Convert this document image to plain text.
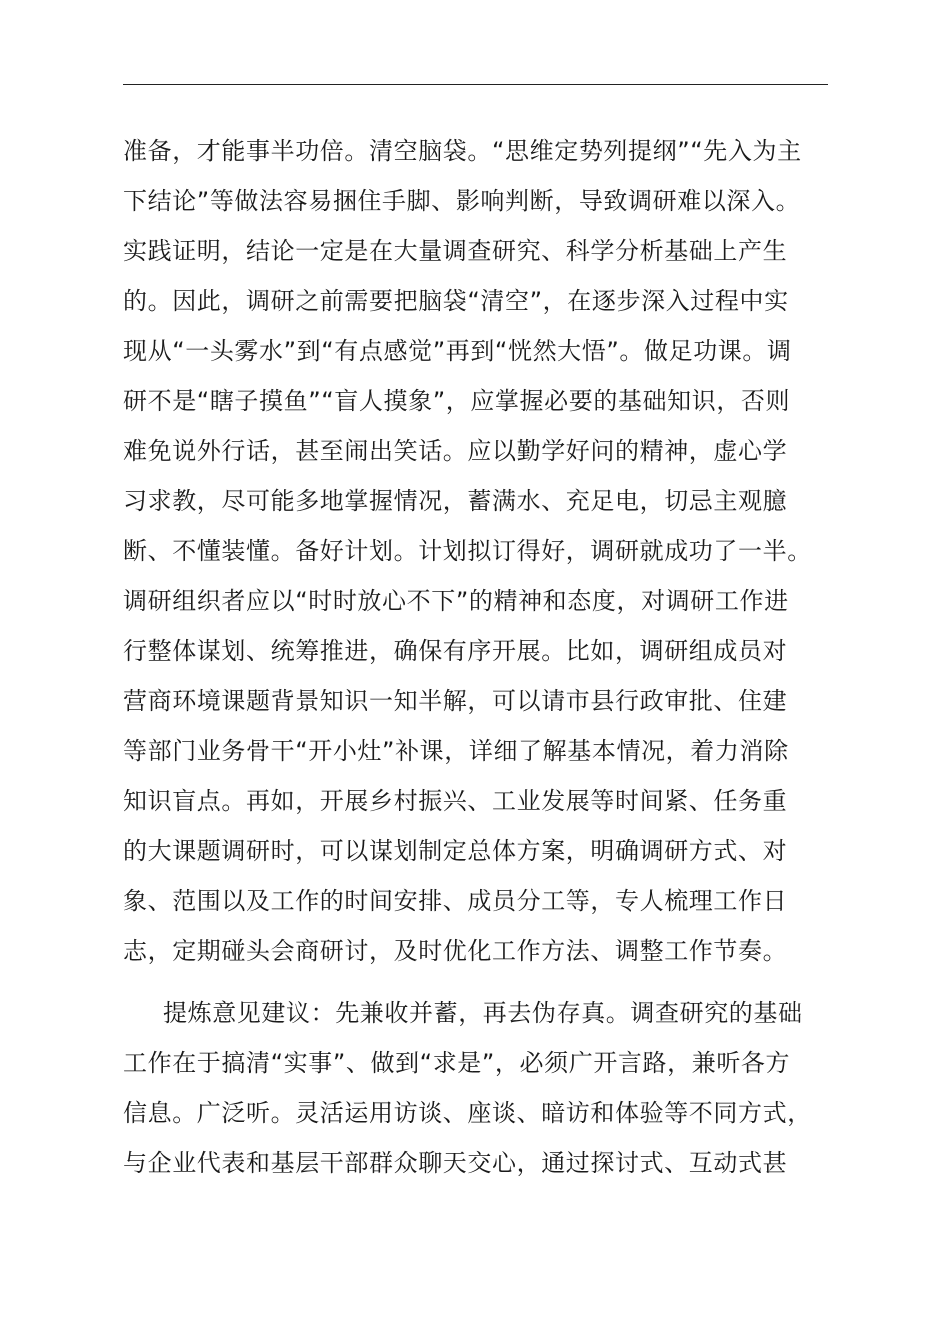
准备，才能事半功倍。清空脑袋。“思维定势列提纲”“先入为主
下结论”等做法容易捆住手脚、影响判断，导致调研难以深入。
实践证明，结论一定是在大量调查研究、科学分析基础上产生
的。因此，调研之前需要把脑袋“清空”，在逐步深入过程中实
现从“一头雾水”到“有点感觉”再到“恍然大悟”。做足功课。调
研不是“瞎子摸鱼”“盲人摸象”，应掌握必要的基础知识，否则
难免说外行话，甚至闹出笑话。应以勤学好问的精神，虚心学
习求教，尽可能多地掌握情况，蓄满水、充足电，切忌主观臆
断、不懂装懂。备好计划。计划拟订得好，调研就成功了一半。
调研组织者应以“时时放心不下”的精神和态度，对调研工作进
行整体谋划、统筹推进，确保有序开展。比如，调研组成员对
营商环境课题背景知识一知半解，可以请市县行政审批、住建
等部门业务骨干“开小灶”补课，详细了解基本情况，着力消除
知识盲点。再如，开展乡村振兴、工业发展等时间紧、任务重
的大课题调研时，可以谋划制定总体方案，明确调研方式、对
象、范围以及工作的时间安排、成员分工等，专人梳理工作日
志，定期碰头会商研讨，及时优化工作方法、调整工作节奏。
提炼意见建议：先兼收并蓄，再去伪存真。调查研究的基础
工作在于搞清“实事”、做到“求是”，必须广开言路，兼听各方
信息。广泛听。灵活运用访谈、座谈、暗访和体验等不同方式，
与企业代表和基层干部群众聊天交心，通过探讨式、互动式甚
